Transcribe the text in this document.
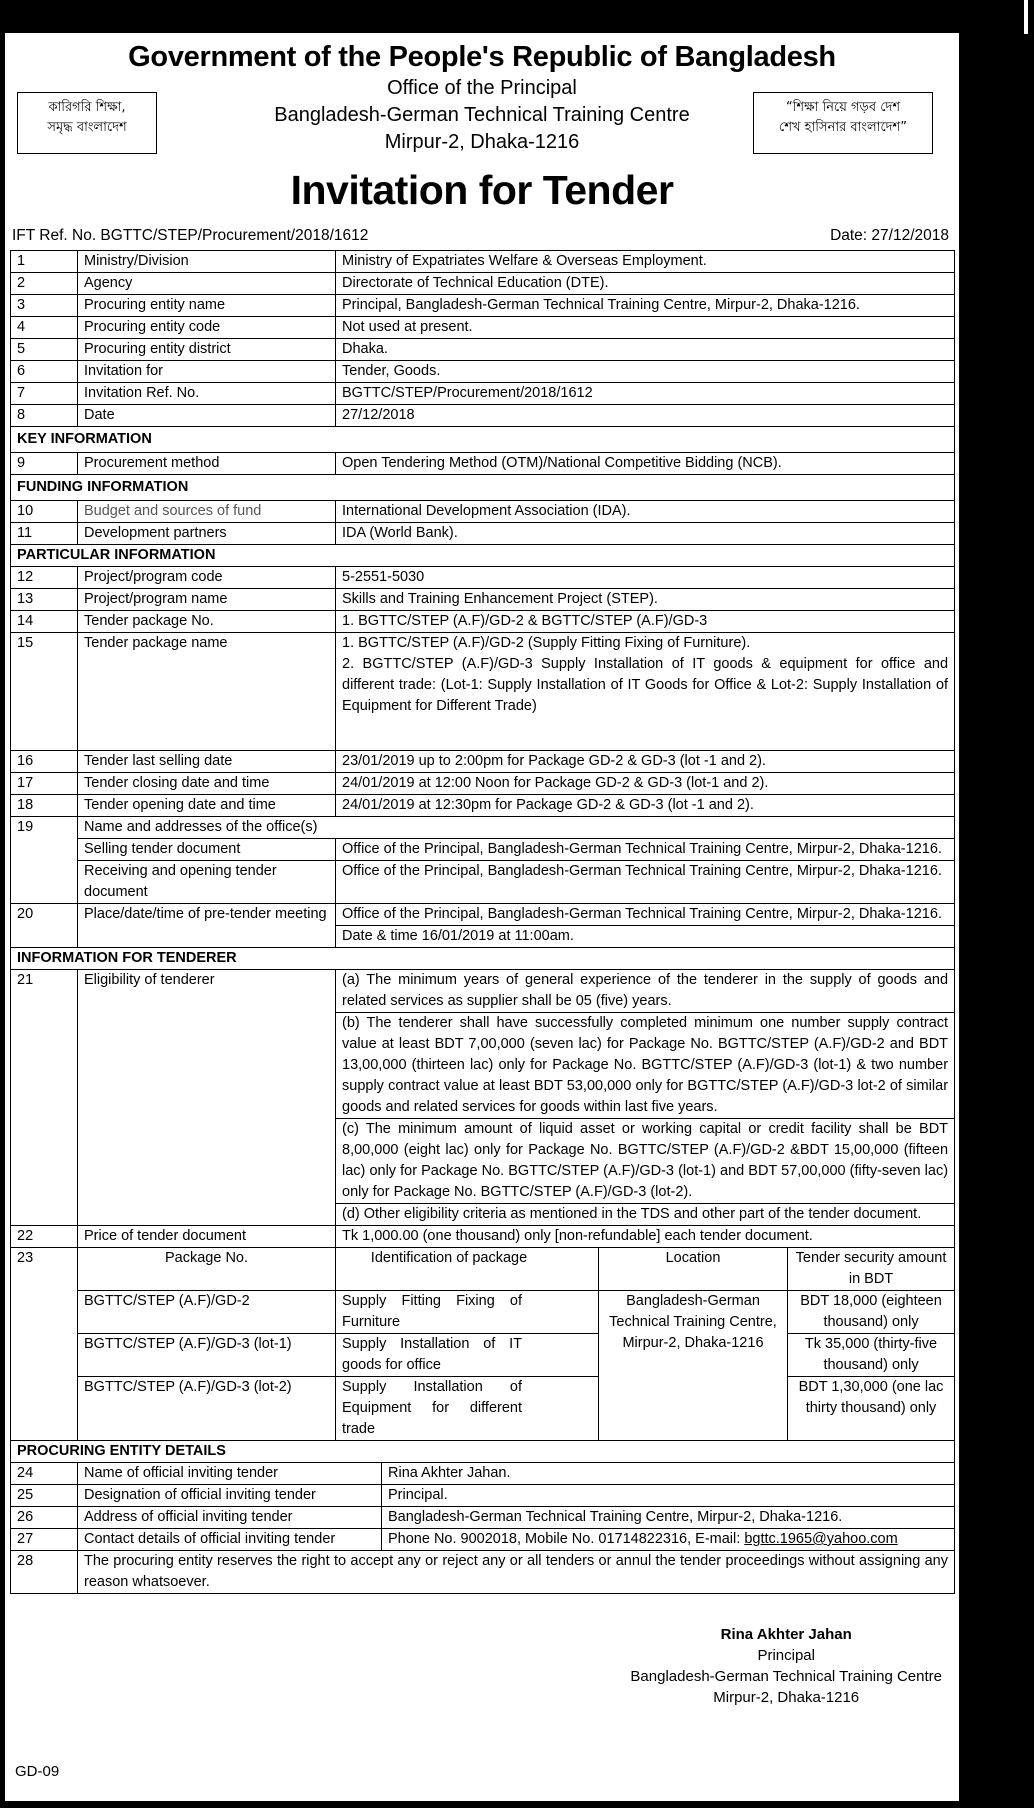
Government of the People's Republic of Bangladesh
Office of the Principal
Bangladesh-German Technical Training Centre
Mirpur-2, Dhaka-1216
কারিগরি শিক্ষা,
সমৃদ্ধ বাংলাদেশ
“শিক্ষা নিয়ে গড়ব দেশ
শেখ হাসিনার বাংলাদেশ”
Invitation for Tender
IFT Ref. No. BGTTC/STEP/Procurement/2018/1612	Date: 27/12/2018
1	Ministry/Division	Ministry of Expatriates Welfare & Overseas Employment.			
2	Agency	Directorate of Technical Education (DTE).			
3	Procuring entity name	Principal, Bangladesh-German Technical Training Centre, Mirpur-2, Dhaka-1216.			
4	Procuring entity code	Not used at present.			
5	Procuring entity district	Dhaka.			
6	Invitation for	Tender, Goods.			
7	Invitation Ref. No.	BGTTC/STEP/Procurement/2018/1612			
8	Date	27/12/2018			
KEY INFORMATION					
9	Procurement method	Open Tendering Method (OTM)/National Competitive Bidding (NCB).			
FUNDING INFORMATION					
10	Budget and sources of fund	International Development Association (IDA).			
11	Development partners	IDA (World Bank).			
PARTICULAR INFORMATION					
12	Project/program code	5-2551-5030			
13	Project/program name	Skills and Training Enhancement Project (STEP).			
14	Tender package No.	1. BGTTC/STEP (A.F)/GD-2 & BGTTC/STEP (A.F)/GD-3			
15	Tender package name	1. BGTTC/STEP (A.F)/GD-2 (Supply Fitting Fixing of Furniture).
2. BGTTC/STEP (A.F)/GD-3 Supply Installation of IT goods & equipment for office and different trade: (Lot-1: Supply Installation of IT Goods for Office & Lot-2: Supply Installation of Equipment for Different Trade)			

16	Tender last selling date	23/01/2019 up to 2:00pm for Package GD-2 & GD-3 (lot -1 and 2).			
17	Tender closing date and time	24/01/2019 at 12:00 Noon for Package GD-2 & GD-3 (lot-1 and 2).			
18	Tender opening date and time	24/01/2019 at 12:30pm for Package GD-2 & GD-3 (lot -1 and 2).			
19	Name and addresses of the office(s)				
	Selling tender document	Office of the Principal, Bangladesh-German Technical Training Centre, Mirpur-2, Dhaka-1216.			
	Receiving and opening tender document	Office of the Principal, Bangladesh-German Technical Training Centre, Mirpur-2, Dhaka-1216.			
20	Place/date/time of pre-tender meeting	Office of the Principal, Bangladesh-German Technical Training Centre, Mirpur-2, Dhaka-1216.			
		Date & time 16/01/2019 at 11:00am.			
INFORMATION FOR TENDERER					
21	Eligibility of tenderer	(a) The minimum years of general experience of the tenderer in the supply of goods and related services as supplier shall be 05 (five) years.			
		(b) The tenderer shall have successfully completed minimum one number supply contract value at least BDT 7,00,000 (seven lac) for Package No. BGTTC/STEP (A.F)/GD-2 and BDT 13,00,000 (thirteen lac) only for Package No. BGTTC/STEP (A.F)/GD-3 (lot-1) & two number supply contract value at least BDT 53,00,000 only for BGTTC/STEP (A.F)/GD-3 lot-2 of similar goods and related services for goods within last five years.			
		(c) The minimum amount of liquid asset or working capital or credit facility shall be BDT 8,00,000 (eight lac) only for Package No. BGTTC/STEP (A.F)/GD-2 &BDT 15,00,000 (fifteen lac) only for Package No. BGTTC/STEP (A.F)/GD-3 (lot-1) and BDT 57,00,000 (fifty-seven lac) only for Package No. BGTTC/STEP (A.F)/GD-3 (lot-2).			
		(d) Other eligibility criteria as mentioned in the TDS and other part of the tender document.			
22	Price of tender document	Tk 1,000.00 (one thousand) only [non-refundable] each tender document.			
23	Package No.	Identification of package	Location	Tender security amount in BDT	Completion time
	BGTTC/STEP (A.F)/GD-2	Supply Fitting Fixing of Furniture	Bangladesh-German Technical Training Centre, Mirpur-2, Dhaka-1216	BDT 18,000 (eighteen thousand) only	08 (eight) weeks after contract signing
	BGTTC/STEP (A.F)/GD-3 (lot-1)	Supply Installation of IT goods for office		Tk 35,000 (thirty-five thousand) only	
	BGTTC/STEP (A.F)/GD-3 (lot-2)	Supply Installation of Equipment for different trade		BDT 1,30,000 (one lac thirty thousand) only	
PROCURING ENTITY DETAILS					
24	Name of official inviting tender	Rina Akhter Jahan.
25	Designation of official inviting tender	Principal.
26	Address of official inviting tender	Bangladesh-German Technical Training Centre, Mirpur-2, Dhaka-1216.
27	Contact details of official inviting tender	Phone No. 9002018, Mobile No. 01714822316, E-mail: bgttc.1965@yahoo.com
28	The procuring entity reserves the right to accept any or reject any or all tenders or annul the tender proceedings without assigning any reason whatsoever.	
Rina Akhter Jahan
Principal
Bangladesh-German Technical Training Centre
Mirpur-2, Dhaka-1216
GD-09
